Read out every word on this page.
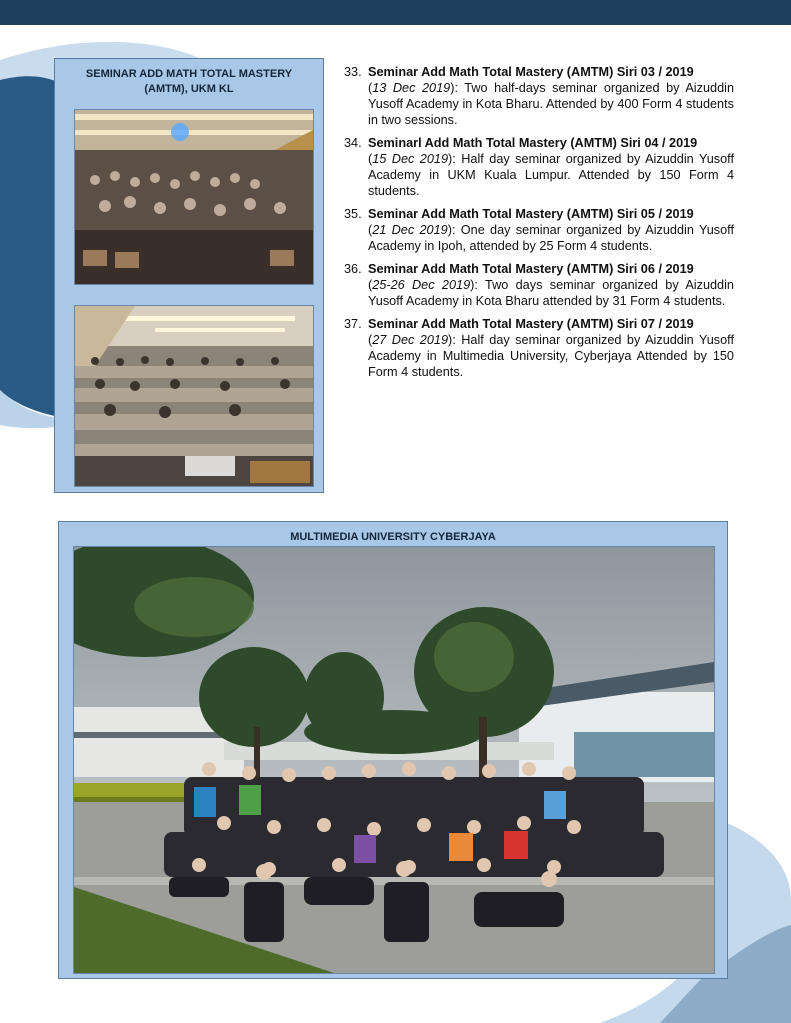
SEMINAR ADD MATH TOTAL MASTERY (AMTM), UKM KL
33. Seminar Add Math Total Mastery (AMTM) Siri 03 / 2019
(13 Dec 2019): Two half-days seminar organized by Aizuddin Yusoff Academy in Kota Bharu. Attended by 400 Form 4 students in two sessions.
34. Seminarl Add Math Total Mastery (AMTM) Siri 04 / 2019
(15 Dec 2019): Half day seminar organized by Aizuddin Yusoff Academy in UKM Kuala Lumpur. Attended by 150 Form 4 students.
35. Seminar Add Math Total Mastery (AMTM) Siri 05 / 2019
(21 Dec 2019): One day seminar organized by Aizuddin Yusoff Academy in Ipoh, attended by 25 Form 4 students.
36. Seminar Add Math Total Mastery (AMTM) Siri 06 / 2019
(25-26 Dec 2019): Two days seminar organized by Aizuddin Yusoff Academy in Kota Bharu attended by 31 Form 4 students.
37. Seminar Add Math Total Mastery (AMTM) Siri 07 / 2019
(27 Dec 2019): Half day seminar organized by Aizuddin Yusoff Academy in Multimedia University, Cyberjaya Attended by 150 Form 4 students.
MULTIMEDIA UNIVERSITY CYBERJAYA
